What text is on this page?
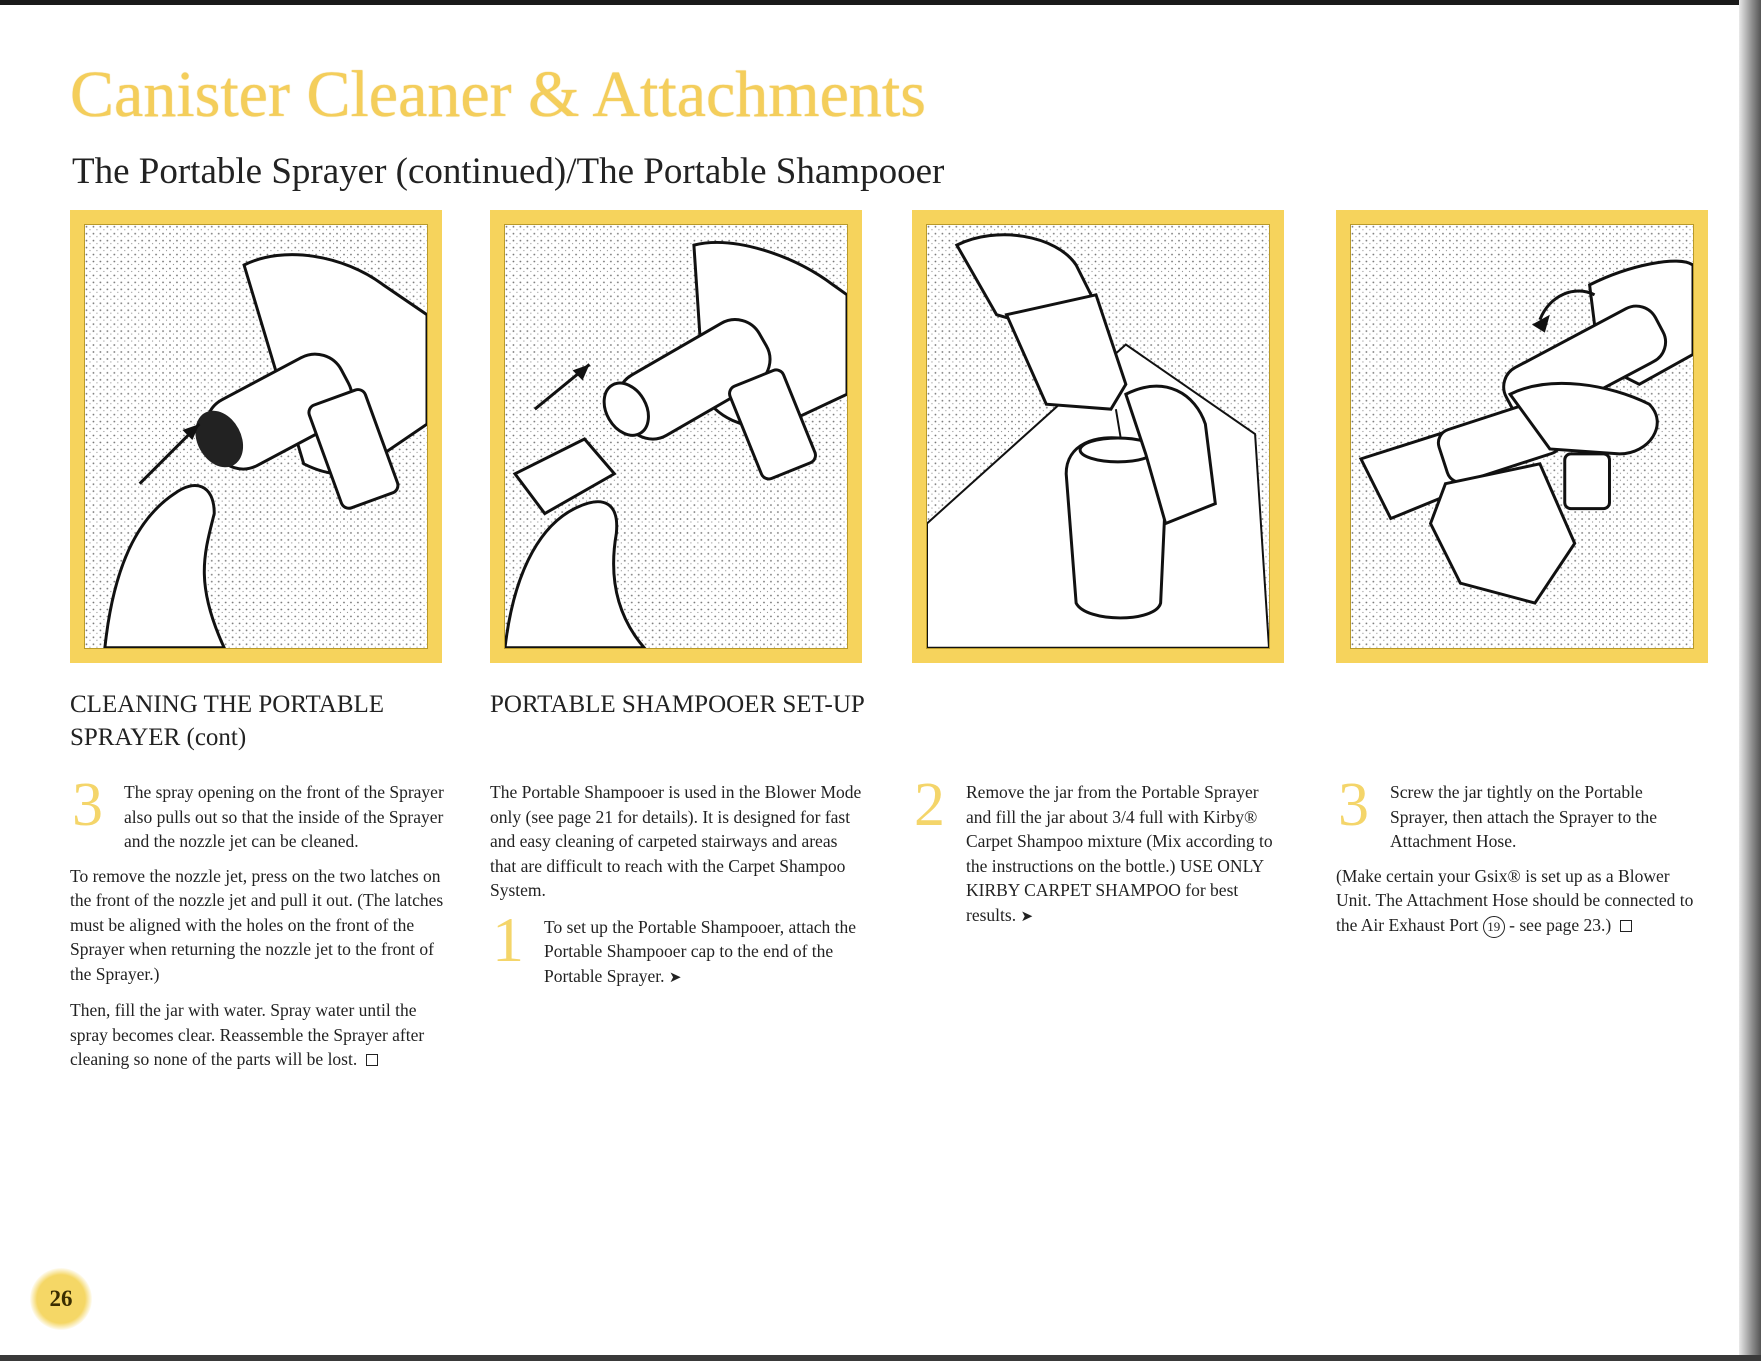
Canister Cleaner & Attachments
The Portable Sprayer (continued)/The Portable Shampooer
CLEANING THE PORTABLE SPRAYER (cont)
3 The spray opening on the front of the Sprayer also pulls out so that the inside of the Sprayer and the nozzle jet can be cleaned.

To remove the nozzle jet, press on the two latches on the front of the nozzle jet and pull it out. (The latches must be aligned with the holes on the front of the Sprayer when returning the nozzle jet to the front of the Sprayer.)

Then, fill the jar with water. Spray water until the spray becomes clear. Reassemble the Sprayer after cleaning so none of the parts will be lost.

PORTABLE SHAMPOOER SET-UP

The Portable Shampooer is used in the Blower Mode only (see page 21 for details). It is designed for fast and easy cleaning of carpeted stairways and areas that are difficult to reach with the Carpet Shampoo System.

1 To set up the Portable Shampooer, attach the Portable Shampooer cap to the end of the Portable Sprayer. ➤
2 Remove the jar from the Portable Sprayer and fill the jar about 3/4 full with Kirby® Carpet Shampoo mixture (Mix according to the instructions on the bottle.) USE ONLY KIRBY CARPET SHAMPOO for best results. ➤
3 Screw the jar tightly on the Portable Sprayer, then attach the Sprayer to the Attachment Hose.

(Make certain your Gsix® is set up as a Blower Unit. The Attachment Hose should be connected to the Air Exhaust Port 19 - see page 23.)

26
